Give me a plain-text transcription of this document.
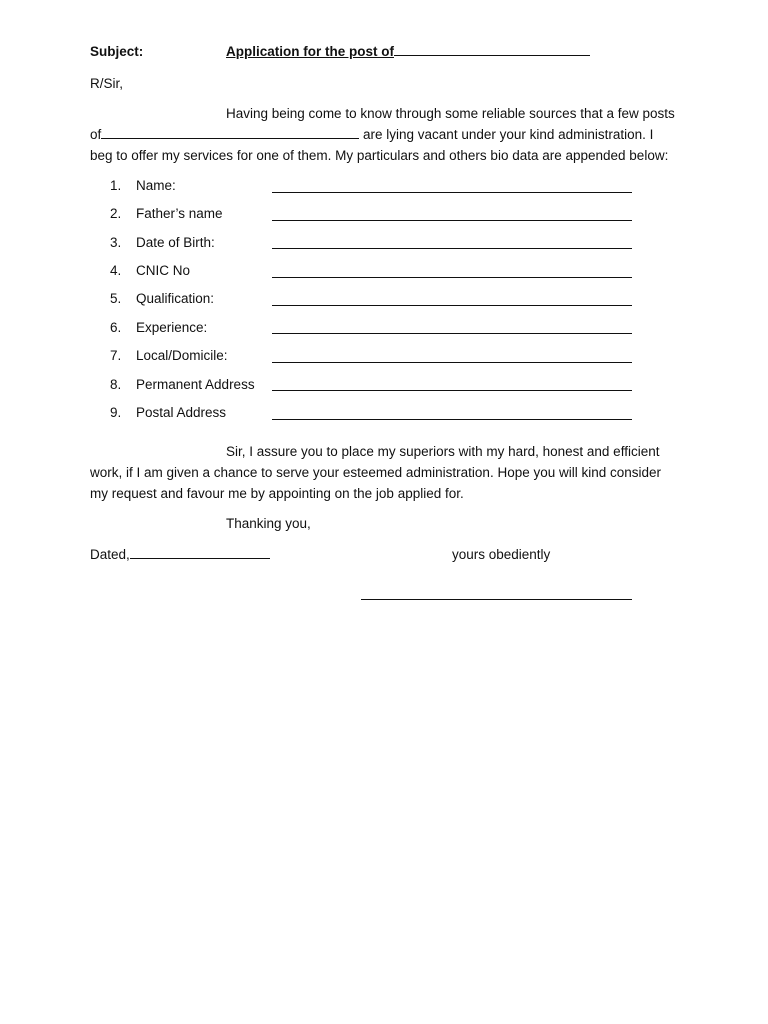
Subject:	Application for the post of
R/Sir,
Having being come to know through some reliable sources that a few posts
of	are lying vacant under your kind administration. I
beg to offer my services for one of them. My particulars and others bio data are appended below:
1. Name:
2. Father’s name
3. Date of Birth:
4. CNIC No
5. Qualification:
6. Experience:
7. Local/Domicile:
8. Permanent Address
9. Postal Address
Sir, I assure you to place my superiors with my hard, honest and efficient
work, if I am given a chance to serve your esteemed administration. Hope you will kind consider
my request and favour me by appointing on the job applied for.
Thanking you,
Dated,	yours obediently
